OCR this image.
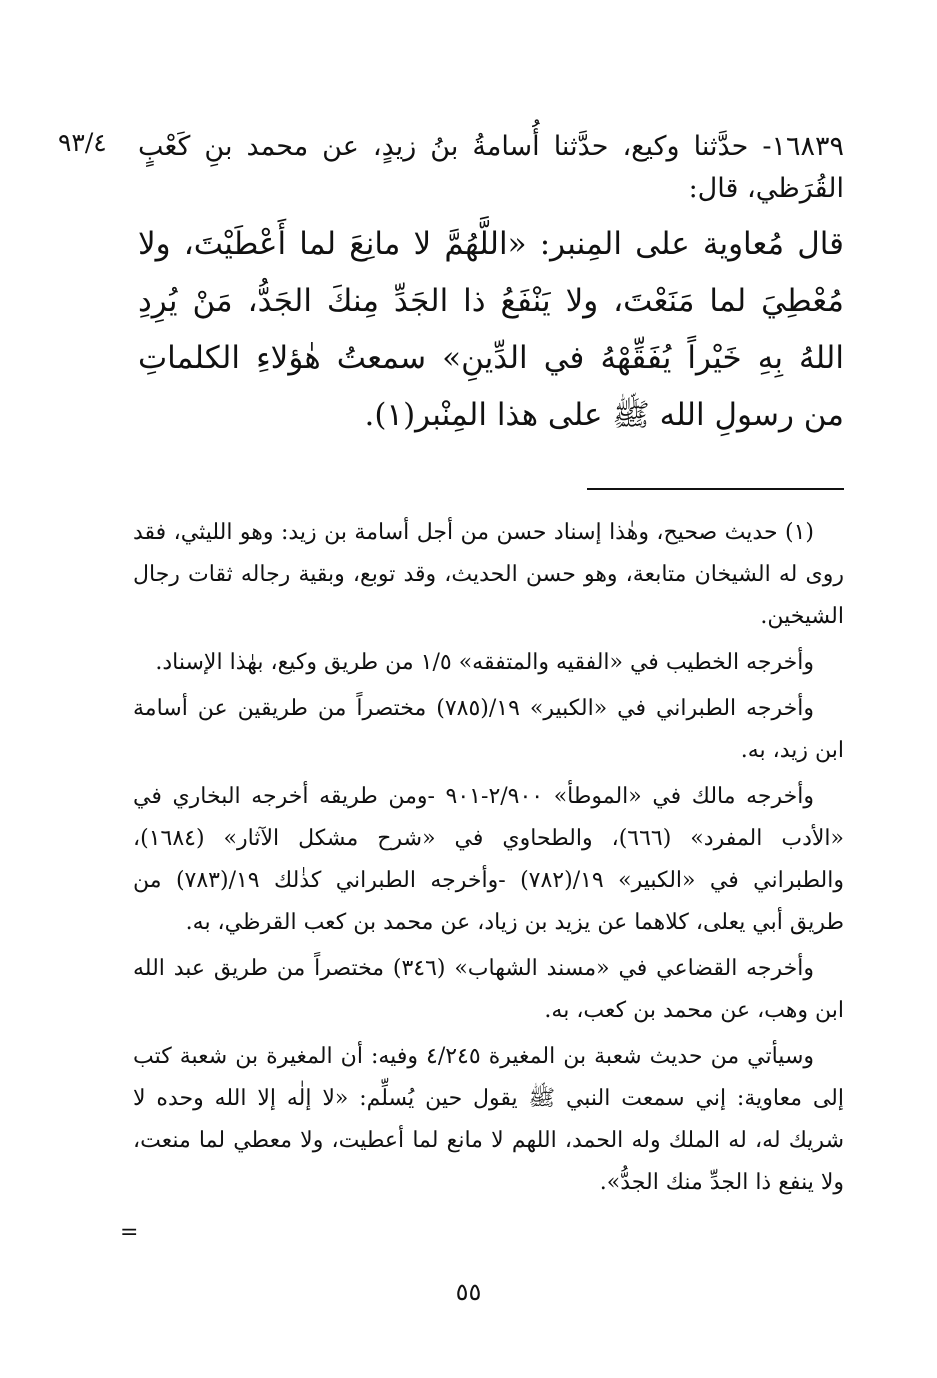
٩٣/٤ ١٦٨٣٩- حدَّثنا وكيع، حدَّثنا أُسامةُ بنُ زيدٍ، عن محمد بنِ كَعْبٍ القُرَظي، قال:

قال مُعاوية على المِنبر: «اللَّهُمَّ لا مانِعَ لما أَعْطَيْتَ، ولا مُعْطِيَ لما مَنَعْتَ، ولا يَنْفَعُ ذا الجَدِّ مِنكَ الجَدُّ، مَنْ يُرِدِ اللهُ بِهِ خَيْراً يُفَقِّهْهُ في الدِّينِ» سمعتُ هٰؤلاءِ الكلماتِ من رسولِ الله ﷺ على هذا المِنْبر(١).

(١) حديث صحيح، وهٰذا إسناد حسن من أجل أسامة بن زيد: وهو الليثي، فقد روى له الشيخان متابعة، وهو حسن الحديث، وقد توبع، وبقية رجاله ثقات رجال الشيخين.

وأخرجه الخطيب في «الفقيه والمتفقه» ١/٥ من طريق وكيع، بهٰذا الإسناد.

وأخرجه الطبراني في «الكبير» ١٩/(٧٨٥) مختصراً من طريقين عن أسامة ابن زيد، به.

وأخرجه مالك في «الموطأ» ٢/٩٠٠-٩٠١ -ومن طريقه أخرجه البخاري في «الأدب المفرد» (٦٦٦)، والطحاوي في «شرح مشكل الآثار» (١٦٨٤)، والطبراني في «الكبير» ١٩/(٧٨٢) -وأخرجه الطبراني كذٰلك ١٩/(٧٨٣) من طريق أبي يعلى، كلاهما عن يزيد بن زياد، عن محمد بن كعب القرظي، به.

وأخرجه القضاعي في «مسند الشهاب» (٣٤٦) مختصراً من طريق عبد الله ابن وهب، عن محمد بن كعب، به.

وسيأتي من حديث شعبة بن المغيرة ٤/٢٤٥ وفيه: أن المغيرة بن شعبة كتب إلى معاوية: إني سمعت النبي ﷺ يقول حين يُسلِّم: «لا إلٰه إلا الله وحده لا شريك له، له الملك وله الحمد، اللهم لا مانع لما أعطيت، ولا معطي لما منعت، ولا ينفع ذا الجدِّ منك الجدُّ».

=
٥٥
